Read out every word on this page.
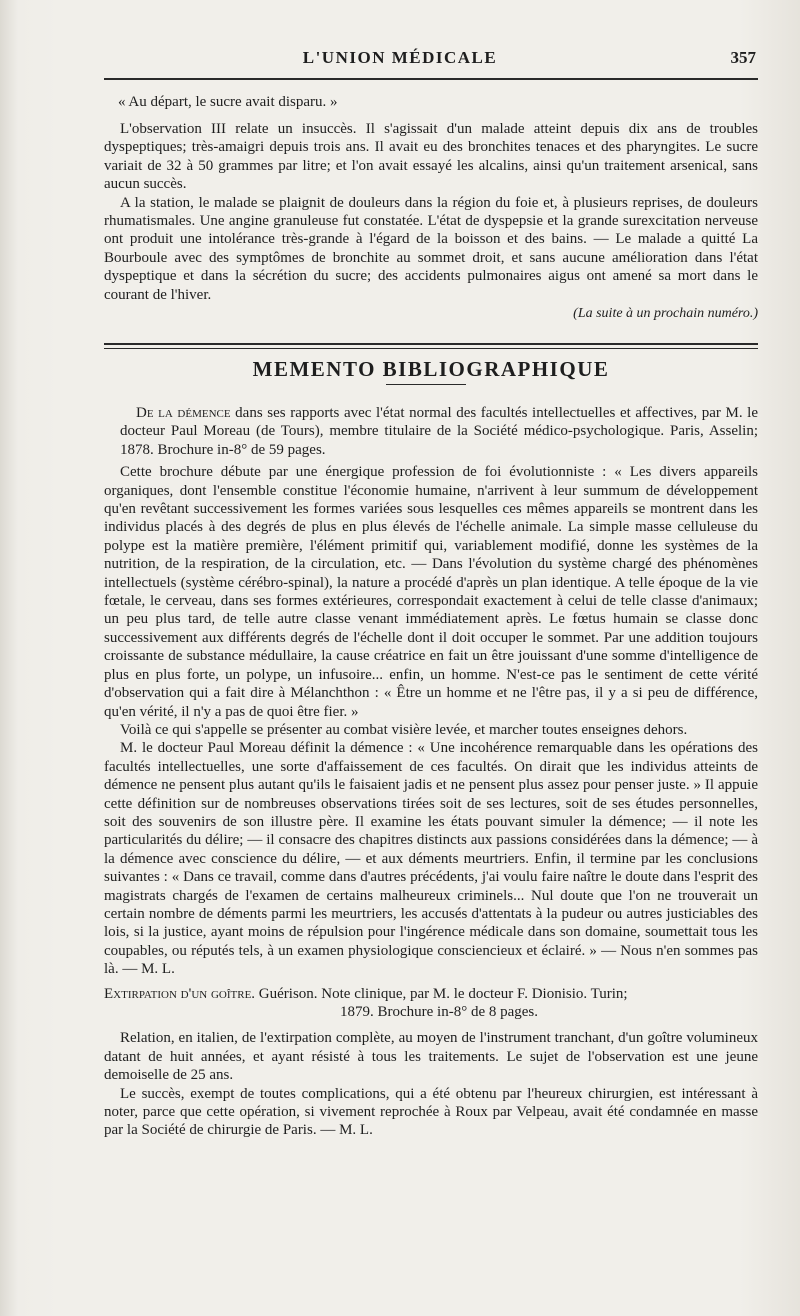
L'UNION MÉDICALE	357
« Au départ, le sucre avait disparu. »

L'observation III relate un insuccès. Il s'agissait d'un malade atteint depuis dix ans de troubles dyspeptiques; très-amaigri depuis trois ans. Il avait eu des bronchites tenaces et des pharyngites. Le sucre variait de 32 à 50 grammes par litre; et l'on avait essayé les alcalins, ainsi qu'un traitement arsenical, sans aucun succès.

A la station, le malade se plaignit de douleurs dans la région du foie et, à plusieurs reprises, de douleurs rhumatismales. Une angine granuleuse fut constatée. L'état de dyspepsie et la grande surexcitation nerveuse ont produit une intolérance très-grande à l'égard de la boisson et des bains. — Le malade a quitté La Bourboule avec des symptômes de bronchite au sommet droit, et sans aucune amélioration dans l'état dyspeptique et dans la sécrétion du sucre; des accidents pulmonaires aigus ont amené sa mort dans le courant de l'hiver.

(La suite à un prochain numéro.)
MEMENTO BIBLIOGRAPHIQUE

De la démence dans ses rapports avec l'état normal des facultés intellectuelles et affectives, par M. le docteur Paul Moreau (de Tours), membre titulaire de la Société médico-psychologique. Paris, Asselin; 1878. Brochure in-8° de 59 pages.

Cette brochure débute par une énergique profession de foi évolutionniste : « Les divers appareils organiques, dont l'ensemble constitue l'économie humaine, n'arrivent à leur summum de développement qu'en revêtant successivement les formes variées sous lesquelles ces mêmes appareils se montrent dans les individus placés à des degrés de plus en plus élevés de l'échelle animale. La simple masse celluleuse du polype est la matière première, l'élément primitif qui, variablement modifié, donne les systèmes de la nutrition, de la respiration, de la circulation, etc. — Dans l'évolution du système chargé des phénomènes intellectuels (système cérébro-spinal), la nature a procédé d'après un plan identique. A telle époque de la vie fœtale, le cerveau, dans ses formes extérieures, correspondait exactement à celui de telle classe d'animaux; un peu plus tard, de telle autre classe venant immédiatement après. Le fœtus humain se classe donc successivement aux différents degrés de l'échelle dont il doit occuper le sommet. Par une addition toujours croissante de substance médullaire, la cause créatrice en fait un être jouissant d'une somme d'intelligence de plus en plus forte, un polype, un infusoire... enfin, un homme. N'est-ce pas le sentiment de cette vérité d'observation qui a fait dire à Mélanchthon : « Être un homme et ne l'être pas, il y a si peu de différence, qu'en vérité, il n'y a pas de quoi être fier. »

Voilà ce qui s'appelle se présenter au combat visière levée, et marcher toutes enseignes dehors.

M. le docteur Paul Moreau définit la démence : « Une incohérence remarquable dans les opérations des facultés intellectuelles, une sorte d'affaissement de ces facultés. On dirait que les individus atteints de démence ne pensent plus autant qu'ils le faisaient jadis et ne pensent plus assez pour penser juste. » Il appuie cette définition sur de nombreuses observations tirées soit de ses lectures, soit de ses études personnelles, soit des souvenirs de son illustre père. Il examine les états pouvant simuler la démence; — il note les particularités du délire; — il consacre des chapitres distincts aux passions considérées dans la démence; — à la démence avec conscience du délire, — et aux déments meurtriers. Enfin, il termine par les conclusions suivantes : « Dans ce travail, comme dans d'autres précédents, j'ai voulu faire naître le doute dans l'esprit des magistrats chargés de l'examen de certains malheureux criminels... Nul doute que l'on ne trouverait un certain nombre de déments parmi les meurtriers, les accusés d'attentats à la pudeur ou autres justiciables des lois, si la justice, ayant moins de répulsion pour l'ingérence médicale dans son domaine, soumettait tous les coupables, ou réputés tels, à un examen physiologique consciencieux et éclairé. » — Nous n'en sommes pas là. — M. L.

Extirpation d'un goître. Guérison. Note clinique, par M. le docteur F. Dionisio. Turin;

1879. Brochure in-8° de 8 pages.

Relation, en italien, de l'extirpation complète, au moyen de l'instrument tranchant, d'un goître volumineux datant de huit années, et ayant résisté à tous les traitements. Le sujet de l'observation est une jeune demoiselle de 25 ans.

Le succès, exempt de toutes complications, qui a été obtenu par l'heureux chirurgien, est intéressant à noter, parce que cette opération, si vivement reprochée à Roux par Velpeau, avait été condamnée en masse par la Société de chirurgie de Paris. — M. L.
